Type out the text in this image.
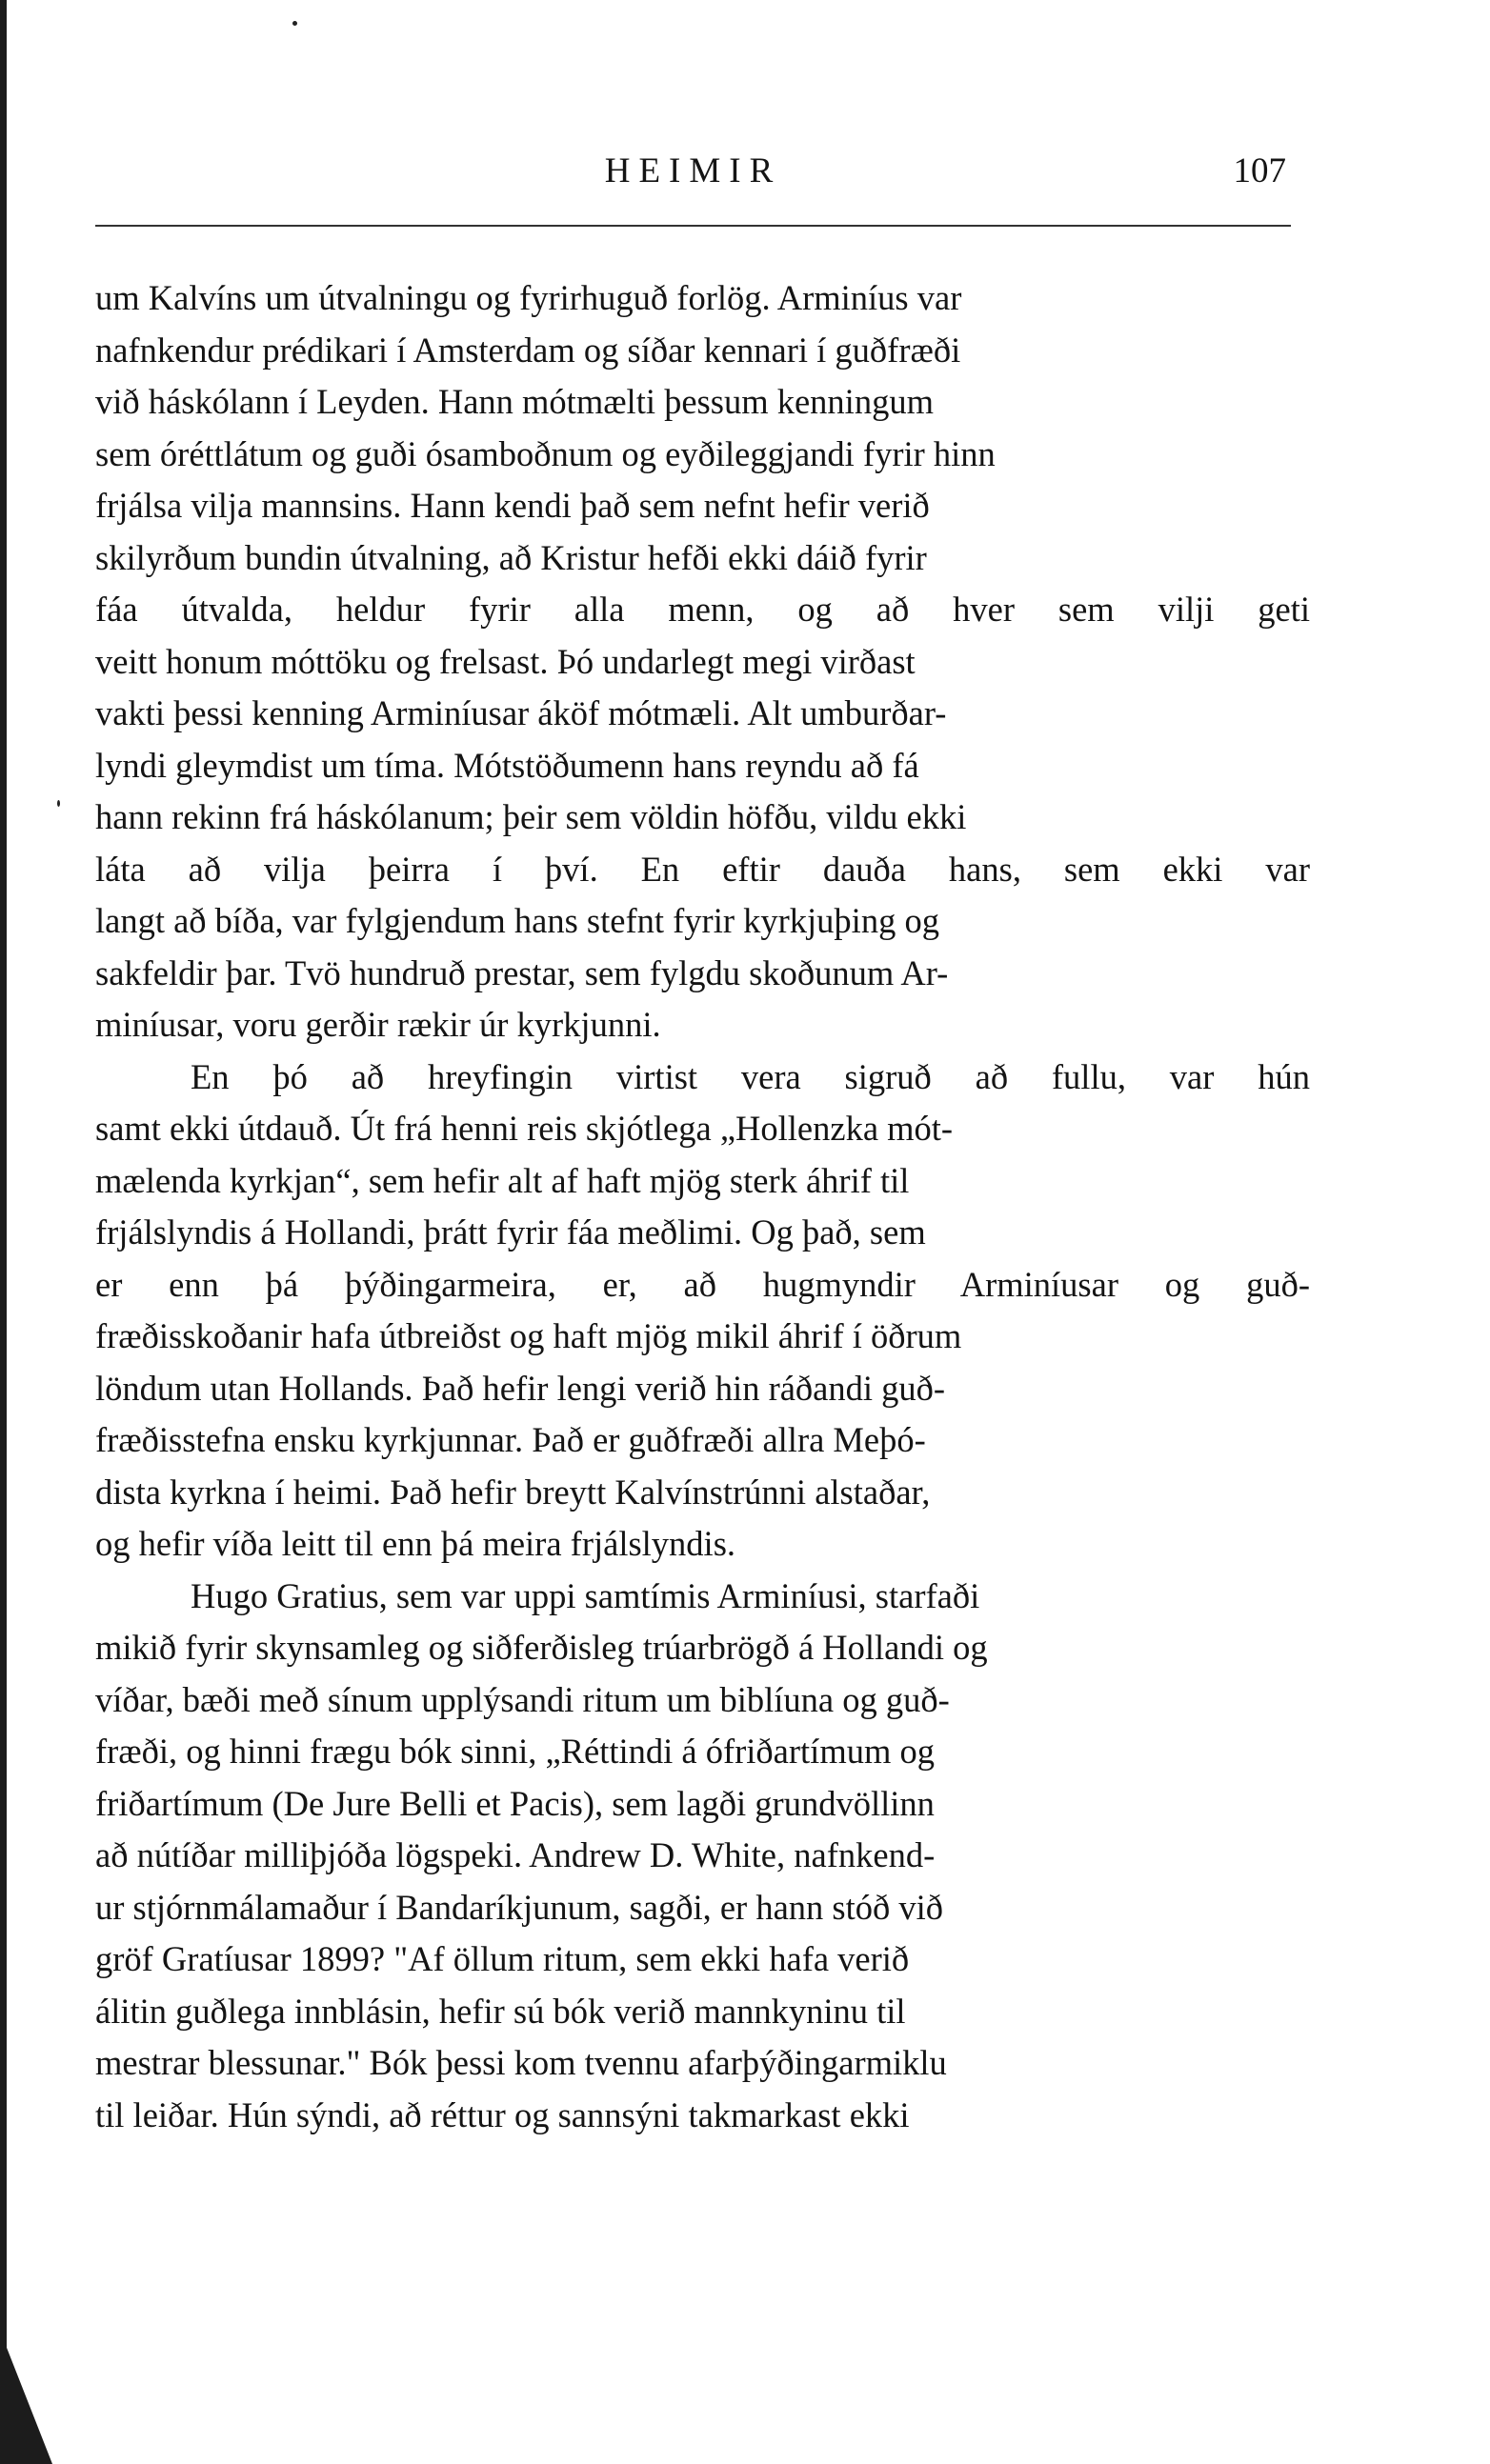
HEIMIR	107
um Kalvíns um útvalningu og fyrirhuguð forlög. Arminíus var
nafnkendur prédikari í Amsterdam og síðar kennari í guðfræði
við háskólann í Leyden. Hann mótmælti þessum kenningum
sem óréttlátum og guði ósamboðnum og eyðileggjandi fyrir hinn
frjálsa vilja mannsins. Hann kendi það sem nefnt hefir verið
skilyrðum bundin útvalning, að Kristur hefði ekki dáið fyrir
fáa útvalda, heldur fyrir alla menn, og að hver sem vilji geti
veitt honum móttöku og frelsast. Þó undarlegt megi virðast
vakti þessi kenning Arminíusar áköf mótmæli. Alt umburðar-
lyndi gleymdist um tíma. Mótstöðumenn hans reyndu að fá
hann rekinn frá háskólanum; þeir sem völdin höfðu, vildu ekki
láta að vilja þeirra í því. En eftir dauða hans, sem ekki var
langt að bíða, var fylgjendum hans stefnt fyrir kyrkjuþing og
sakfeldir þar. Tvö hundruð prestar, sem fylgdu skoðunum Ar-
miníusar, voru gerðir rækir úr kyrkjunni.
En þó að hreyfingin virtist vera sigruð að fullu, var hún
samt ekki útdauð. Út frá henni reis skjótlega „Hollenzka mót-
mælenda kyrkjan“, sem hefir alt af haft mjög sterk áhrif til
frjálslyndis á Hollandi, þrátt fyrir fáa meðlimi. Og það, sem
er enn þá þýðingarmeira, er, að hugmyndir Arminíusar og guð-
fræðisskoðanir hafa útbreiðst og haft mjög mikil áhrif í öðrum
löndum utan Hollands. Það hefir lengi verið hin ráðandi guð-
fræðisstefna ensku kyrkjunnar. Það er guðfræði allra Meþó-
dista kyrkna í heimi. Það hefir breytt Kalvínstrúnni alstaðar,
og hefir víða leitt til enn þá meira frjálslyndis.
Hugo Gratius, sem var uppi samtímis Arminíusi, starfaði
mikið fyrir skynsamleg og siðferðisleg trúarbrögð á Hollandi og
víðar, bæði með sínum upplýsandi ritum um biblíuna og guð-
fræði, og hinni frægu bók sinni, „Réttindi á ófriðartímum og
friðartímum (De Jure Belli et Pacis), sem lagði grundvöllinn
að nútíðar milliþjóða lögspeki. Andrew D. White, nafnkend-
ur stjórnmálamaður í Bandaríkjunum, sagði, er hann stóð við
gröf Gratíusar 1899? "Af öllum ritum, sem ekki hafa verið
álitin guðlega innblásin, hefir sú bók verið mannkyninu til
mestrar blessunar." Bók þessi kom tvennu afarþýðingarmiklu
til leiðar. Hún sýndi, að réttur og sannsýni takmarkast ekki
